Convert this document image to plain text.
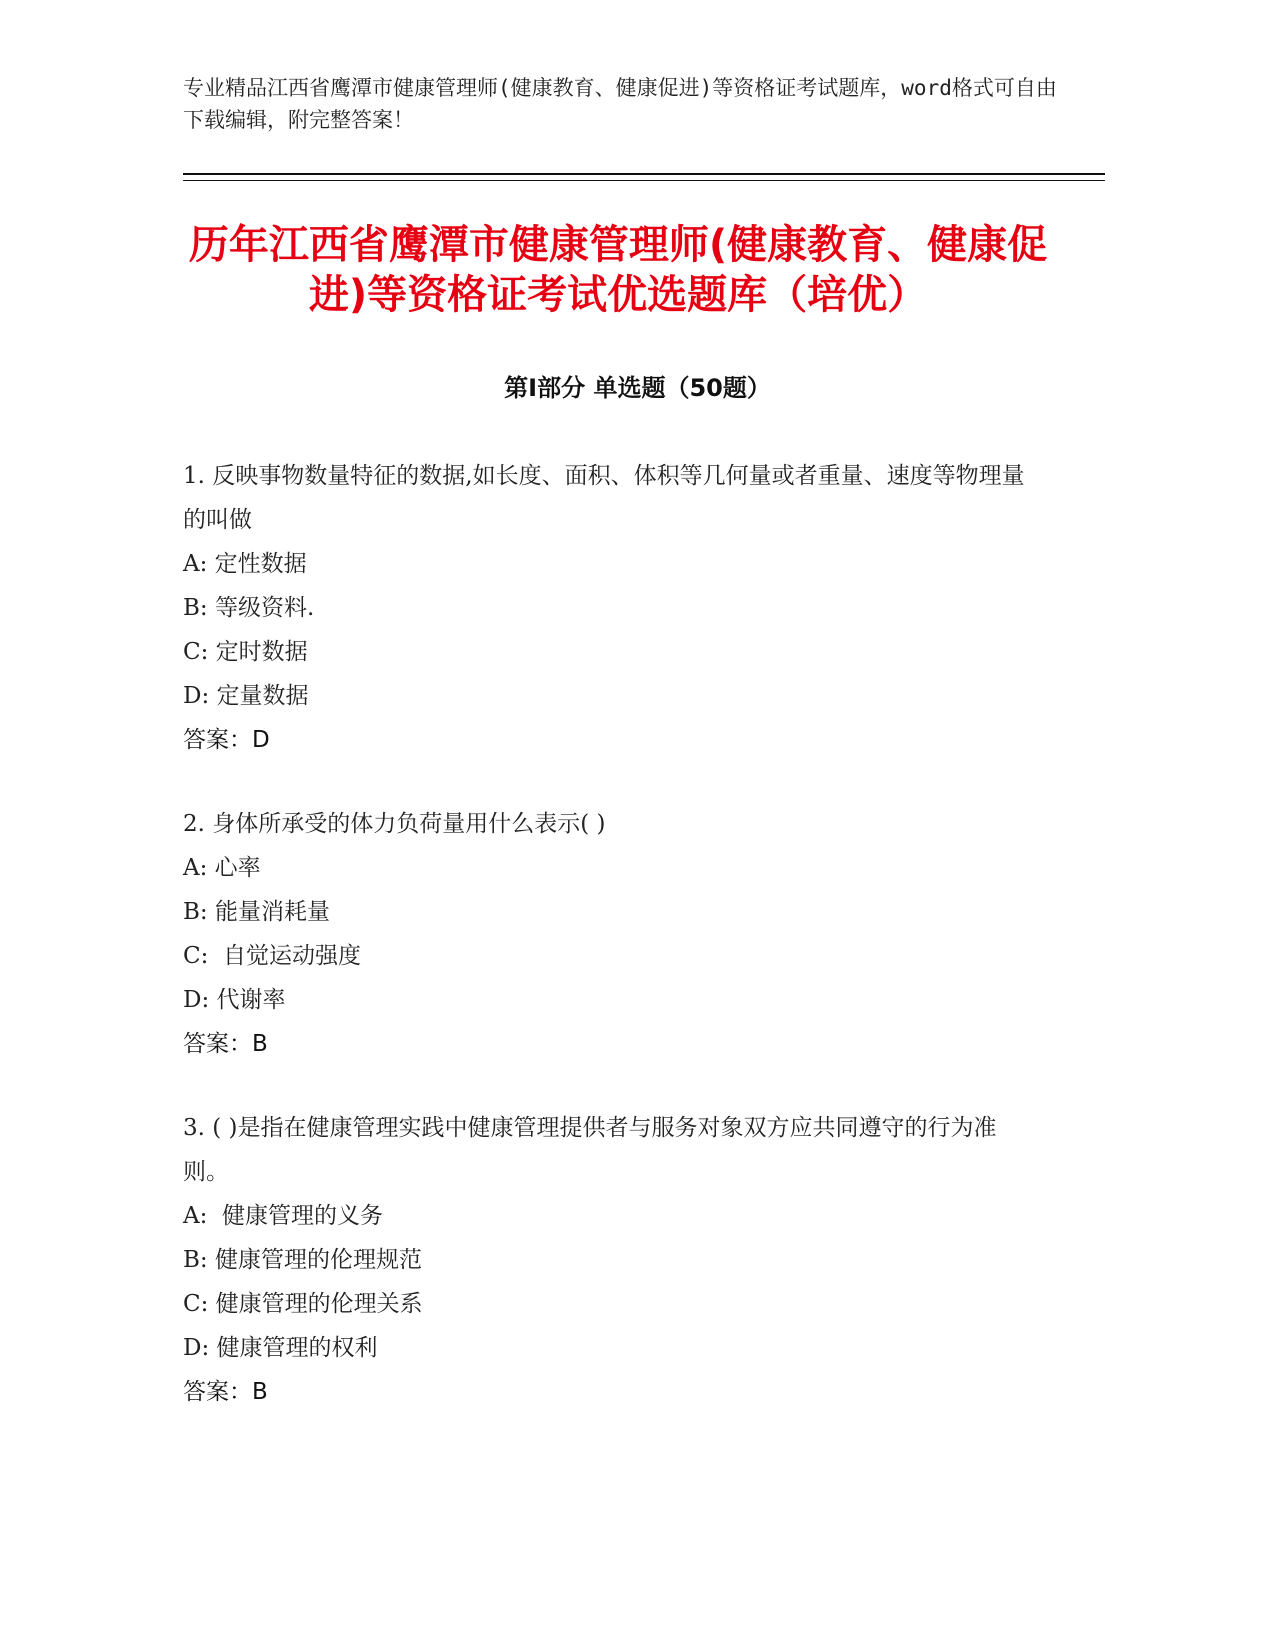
专业精品江西省鹰潭市健康管理师(健康教育、健康促进)等资格证考试题库，word格式可自由下载编辑，附完整答案！
历年江西省鹰潭市健康管理师(健康教育、健康促进)等资格证考试优选题库（培优）
第Ⅰ部分 单选题（50题）

1. 反映事物数量特征的数据,如长度、面积、体积等几何量或者重量、速度等物理量的叫做

A: 定性数据

B: 等级资料.

C: 定时数据

D: 定量数据

答案：D

2. 身体所承受的体力负荷量用什么表示( )

A: 心率

B: 能量消耗量

C:  自觉运动强度

D: 代谢率

答案：B

3. ( )是指在健康管理实践中健康管理提供者与服务对象双方应共同遵守的行为准则。

A:  健康管理的义务

B: 健康管理的伦理规范

C: 健康管理的伦理关系

D: 健康管理的权利

答案：B
